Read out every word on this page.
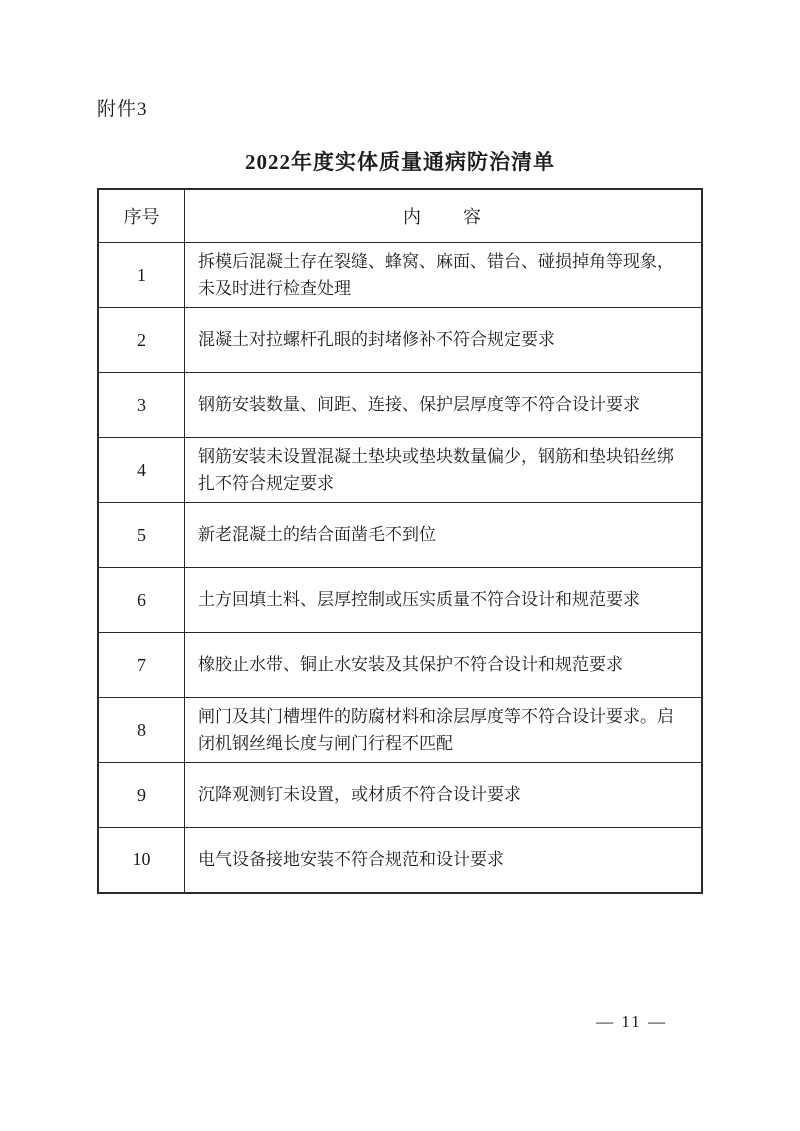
附件3
2022年度实体质量通病防治清单
序号	内　　容
1	拆模后混凝土存在裂缝、蜂窝、麻面、错台、碰损掉角等现象，未及时进行检查处理
2	混凝土对拉螺杆孔眼的封堵修补不符合规定要求
3	钢筋安装数量、间距、连接、保护层厚度等不符合设计要求
4	钢筋安装未设置混凝土垫块或垫块数量偏少，钢筋和垫块铅丝绑扎不符合规定要求
5	新老混凝土的结合面凿毛不到位
6	土方回填土料、层厚控制或压实质量不符合设计和规范要求
7	橡胶止水带、铜止水安装及其保护不符合设计和规范要求
8	闸门及其门槽埋件的防腐材料和涂层厚度等不符合设计要求。启闭机钢丝绳长度与闸门行程不匹配
9	沉降观测钉未设置，或材质不符合设计要求
10	电气设备接地安装不符合规范和设计要求
— 11 —
